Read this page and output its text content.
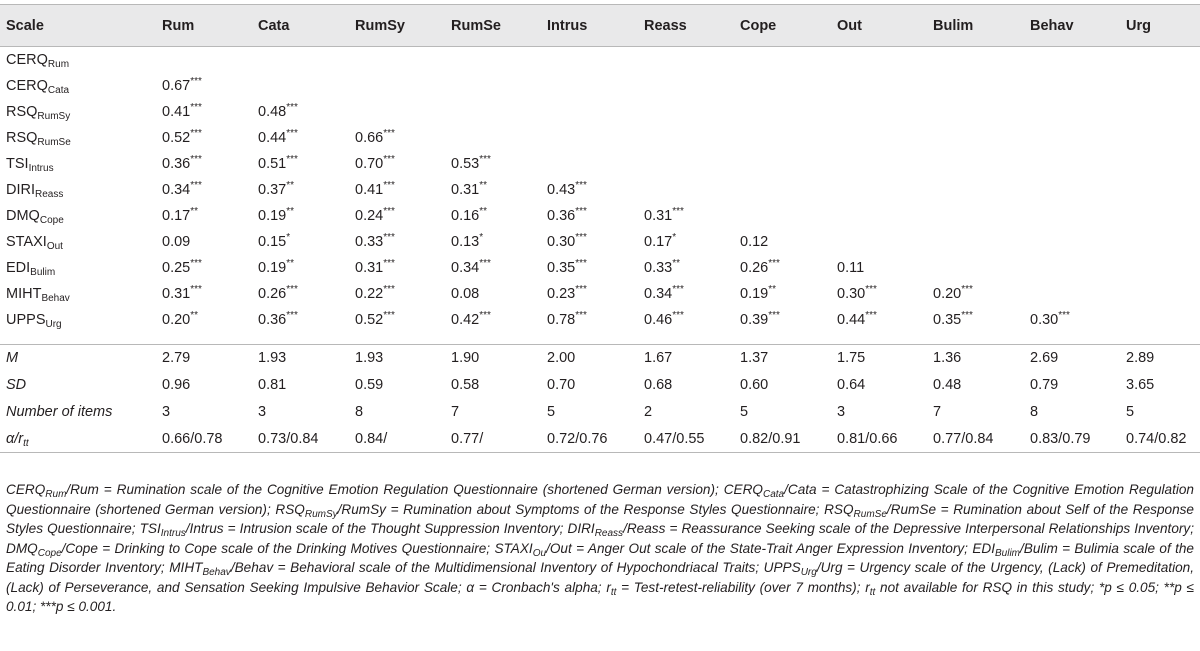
Scale	Rum	Cata	RumSy	RumSe	Intrus	Reass	Cope	Out	Bulim	Behav	Urg
$CERQ_{Rum}$											
$CERQ_{Cata}$	0.67***										
$RSQ_{RumSy}$	0.41***	0.48***									
$RSQ_{RumSe}$	0.52***	0.44***	0.66***								
$TSI_{Intrus}$	0.36***	0.51***	0.70***	0.53***							
$DIRI_{Reass}$	0.34***	0.37**	0.41***	0.31**	0.43***						
$DMQ_{Cope}$	0.17**	0.19**	0.24***	0.16**	0.36***	0.31***					
$STAXI_{Out}$	0.09	0.15*	0.33***	0.13*	0.30***	0.17*	0.12				
$EDI_{Bulim}$	0.25***	0.19**	0.31***	0.34***	0.35***	0.33**	0.26***	0.11			
$MIHT_{Behav}$	0.31***	0.26***	0.22***	0.08	0.23***	0.34***	0.19**	0.30***	0.20***		
$UPPS_{Urg}$	0.20**	0.36***	0.52***	0.42***	0.78***	0.46***	0.39***	0.44***	0.35***	0.30***	

M	2.79	1.93	1.93	1.90	2.00	1.67	1.37	1.75	1.36	2.69	2.89
SD	0.96	0.81	0.59	0.58	0.70	0.68	0.60	0.64	0.48	0.79	3.65
Number of items	3	3	8	7	5	2	5	3	7	8	5
$\alpha/r_{tt}$	0.66/0.78	0.73/0.84	0.84/	0.77/	0.72/0.76	0.47/0.55	0.82/0.91	0.81/0.66	0.77/0.84	0.83/0.79	0.74/0.82
$CERQ_{Rum}$/Rum = Rumination scale of the Cognitive Emotion Regulation Questionnaire (shortened German version); $CERQ_{Cata}$/Cata = Catastrophizing Scale of the Cognitive Emotion Regulation Questionnaire (shortened German version); $RSQ_{RumSy}$/RumSy = Rumination about Symptoms of the Response Styles Questionnaire; $RSQ_{RumSe}$/RumSe = Rumination about Self of the Response Styles Questionnaire; $TSI_{Intrus}$/Intrus = Intrusion scale of the Thought Suppression Inventory; $DIRI_{Reass}$/Reass = Reassurance Seeking scale of the Depressive Interpersonal Relationships Inventory; $DMQ_{Cope}$/Cope = Drinking to Cope scale of the Drinking Motives Questionnaire; $STAXI_{Ou}$/Out = Anger Out scale of the State-Trait Anger Expression Inventory; $EDI_{Bulim}$/Bulim = Bulimia scale of the Eating Disorder Inventory; $MIHT_{Behav}$/Behav = Behavioral scale of the Multidimensional Inventory of Hypochondriacal Traits; $UPPS_{Urg}$/Urg = Urgency scale of the Urgency, (Lack) of Premeditation, (Lack) of Perseverance, and Sensation Seeking Impulsive Behavior Scale; α = Cronbach's alpha; $r_{tt}$ = Test-retest-reliability (over 7 months); $r_{tt}$ not available for RSQ in this study; *p ≤ 0.05; **p ≤ 0.01; ***p ≤ 0.001.
